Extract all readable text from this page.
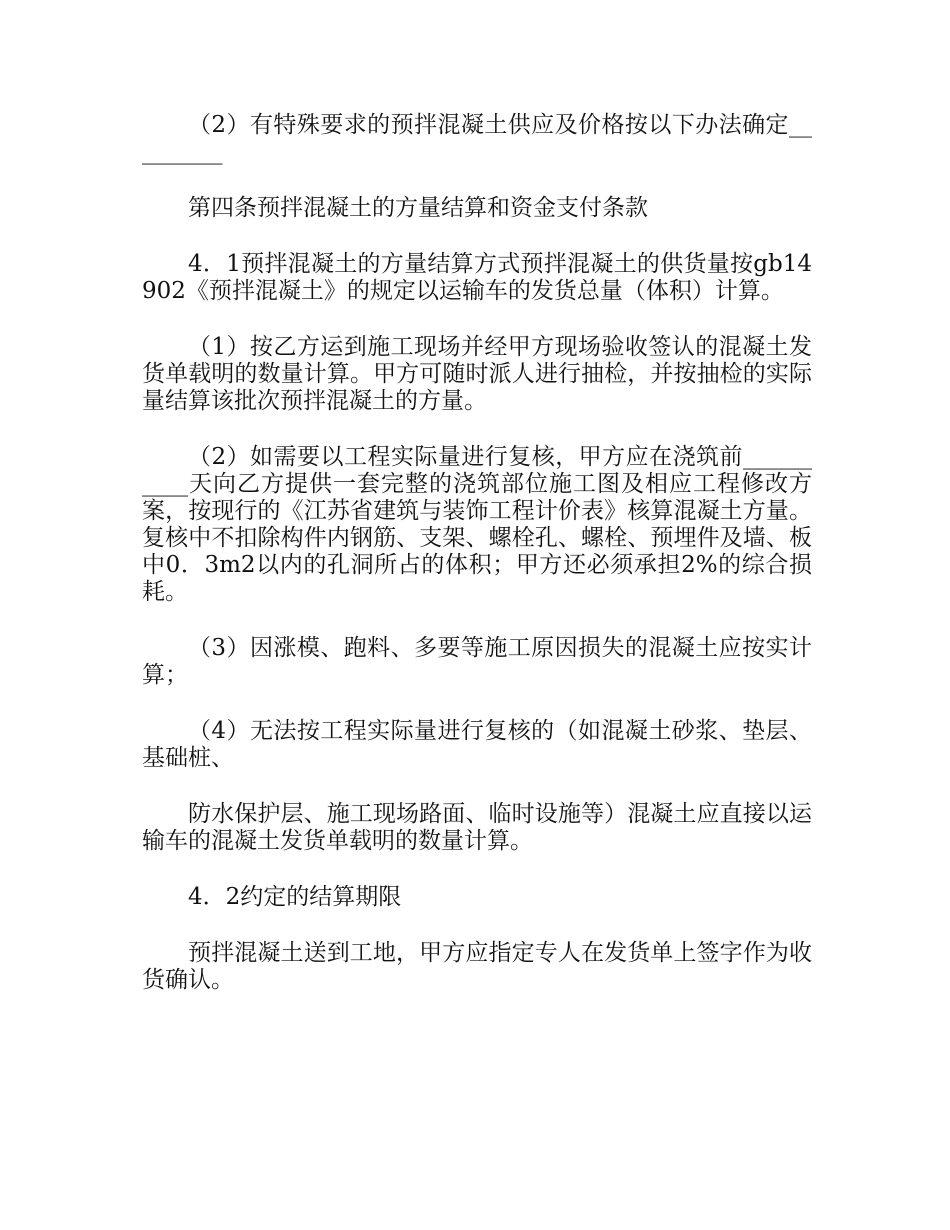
（2）有特殊要求的预拌混凝土供应及价格按以下办法确定_________

第四条预拌混凝土的方量结算和资金支付条款

4．1预拌混凝土的方量结算方式预拌混凝土的供货量按gb14902《预拌混凝土》的规定以运输车的发货总量（体积）计算。

（1）按乙方运到施工现场并经甲方现场验收签认的混凝土发货单载明的数量计算。甲方可随时派人进行抽检，并按抽检的实际量结算该批次预拌混凝土的方量。

（2）如需要以工程实际量进行复核，甲方应在浇筑前__________天向乙方提供一套完整的浇筑部位施工图及相应工程修改方案，按现行的《江苏省建筑与装饰工程计价表》核算混凝土方量。复核中不扣除构件内钢筋、支架、螺栓孔、螺栓、预埋件及墙、板中0．3m2以内的孔洞所占的体积；甲方还必须承担2%的综合损耗。

（3）因涨模、跑料、多要等施工原因损失的混凝土应按实计算；

（4）无法按工程实际量进行复核的（如混凝土砂浆、垫层、基础桩、

防水保护层、施工现场路面、临时设施等）混凝土应直接以运输车的混凝土发货单载明的数量计算。

4．2约定的结算期限

预拌混凝土送到工地，甲方应指定专人在发货单上签字作为收货确认。
